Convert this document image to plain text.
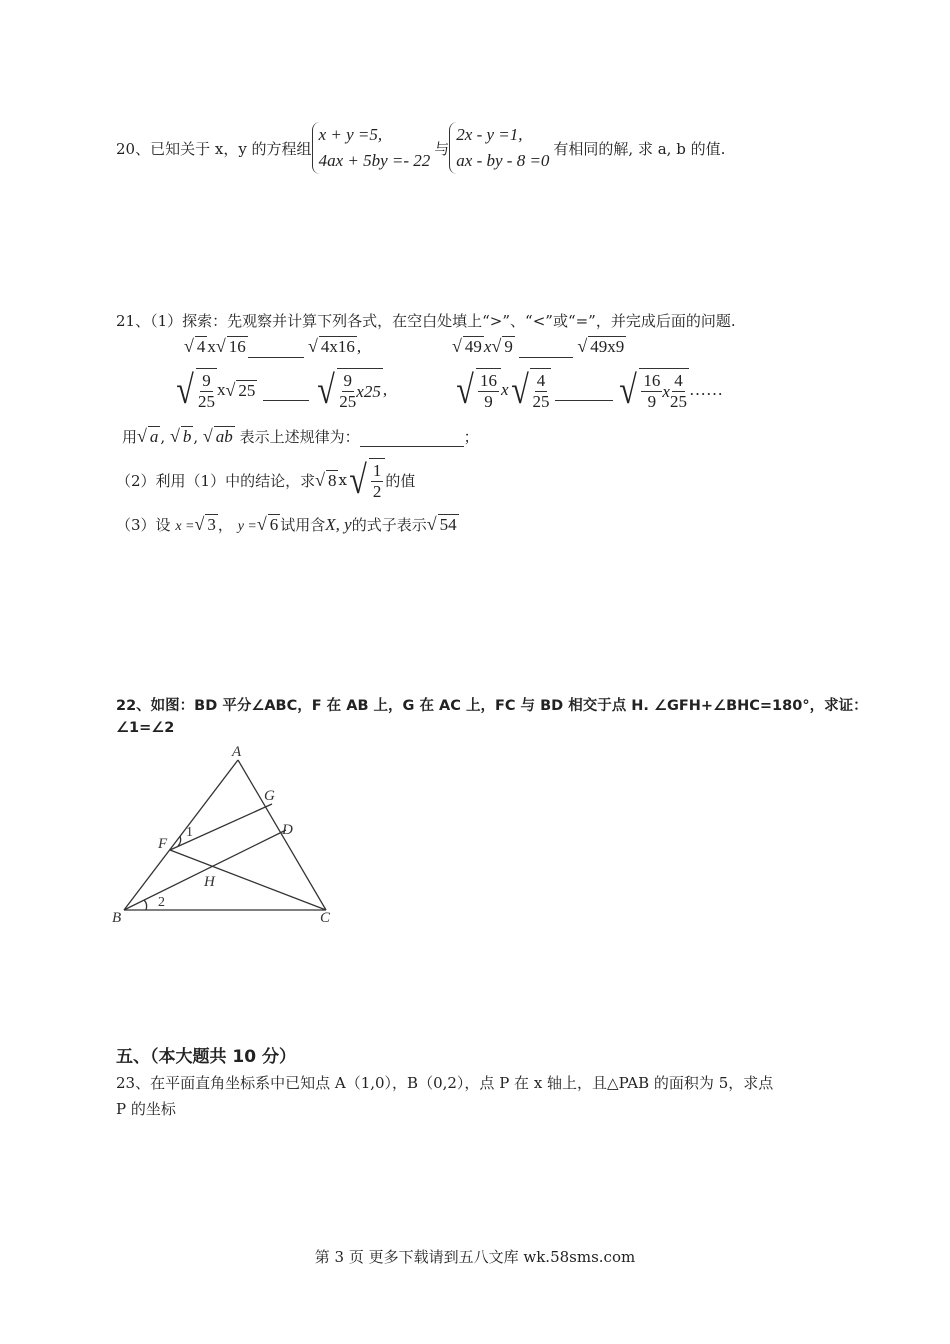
20、已知关于 x，y 的方程组
x + y =5,
4ax + 5by =- 22
与
2x - y =1,
ax - by - 8 =0
有相同的解, 求 a, b 的值.
21、（1）探索：先观察并计算下列各式，在空白处填上“>”、“<”或“=”，并完成后面的问题.
√ 4 x√ 16	√ 4x16 ,	√ 49 x√ 9	√ 49x9
√ $\frac{9}{25}$ x √ 25
√ $\frac{9}{25} x25$ , √ $\frac{16}{9}$ x √ $\frac{4}{25}$
√ $\frac{16}{9}$ x $\frac{4}{25}$ ……
用√ a , √ b , √ ab 表示上述规律为：	；
（2）利用（1）中的结论，求 √ 8 x √ $\frac{1}{2}$ 的值
（3）设 x =√ 3 ， y =√ 6 试用含X, y的式子表示√ 54
22、如图：BD 平分∠ABC，F 在 AB 上，G 在 AC 上，FC 与 BD 相交于点 H. ∠GFH+∠BHC=180°，求证：
∠1=∠2
A
G
D
F
H
B	C
1
2
五、（本大题共 10 分）
23、在平面直角坐标系中已知点 A（1,0），B（0,2），点 P 在 x 轴上，且△PAB 的面积为 5，求点
P 的坐标
第 3 页 更多下载请到五八文库 wk.58sms.com
